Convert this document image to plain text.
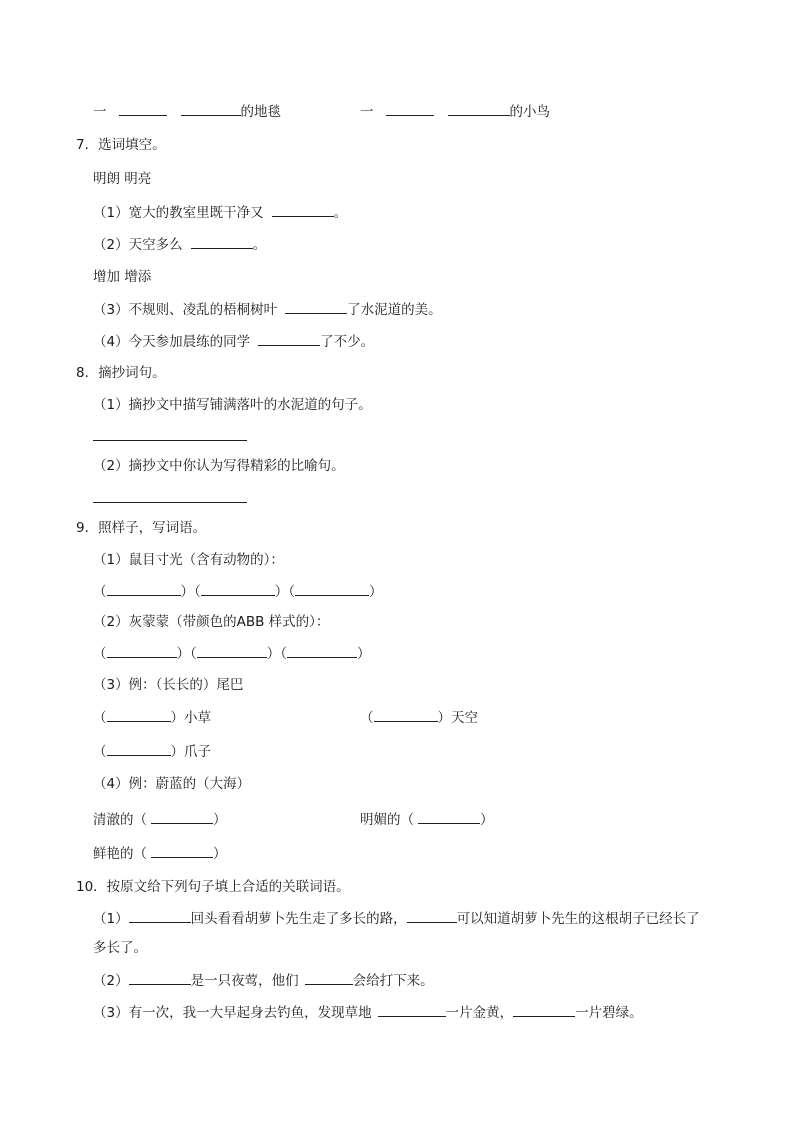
一	的地毯	一	的小鸟
7．选词填空。
明朗 明亮
（1）宽大的教室里既干净又	。
（2）天空多么	。
增加 增添
（3）不规则、凌乱的梧桐树叶	了水泥道的美。
（4）今天参加晨练的同学	了不少。
8．摘抄词句。
（1）摘抄文中描写铺满落叶的水泥道的句子。
（2）摘抄文中你认为写得精彩的比喻句。
9．照样子，写词语。
（1）鼠目寸光（含有动物的）：
（	）（	）（	）
（2）灰蒙蒙（带颜色的ABB 样式的）：
（	）（	）（	）
（3）例：（长长的）尾巴
（	）小草	（	）天空
（	）爪子
（4）例：蔚蓝的（大海）
清澈的（	）	明媚的（	）
鲜艳的（	）
10．按原文给下列句子填上合适的关联词语。
（1）	回头看看胡萝卜先生走了多长的路，	可以知道胡萝卜先生的这根胡子已经长了
多长了。
（2）	是一只夜莺，他们	会给打下来。
（3）有一次，我一大早起身去钓鱼，发现草地	一片金黄，	一片碧绿。
